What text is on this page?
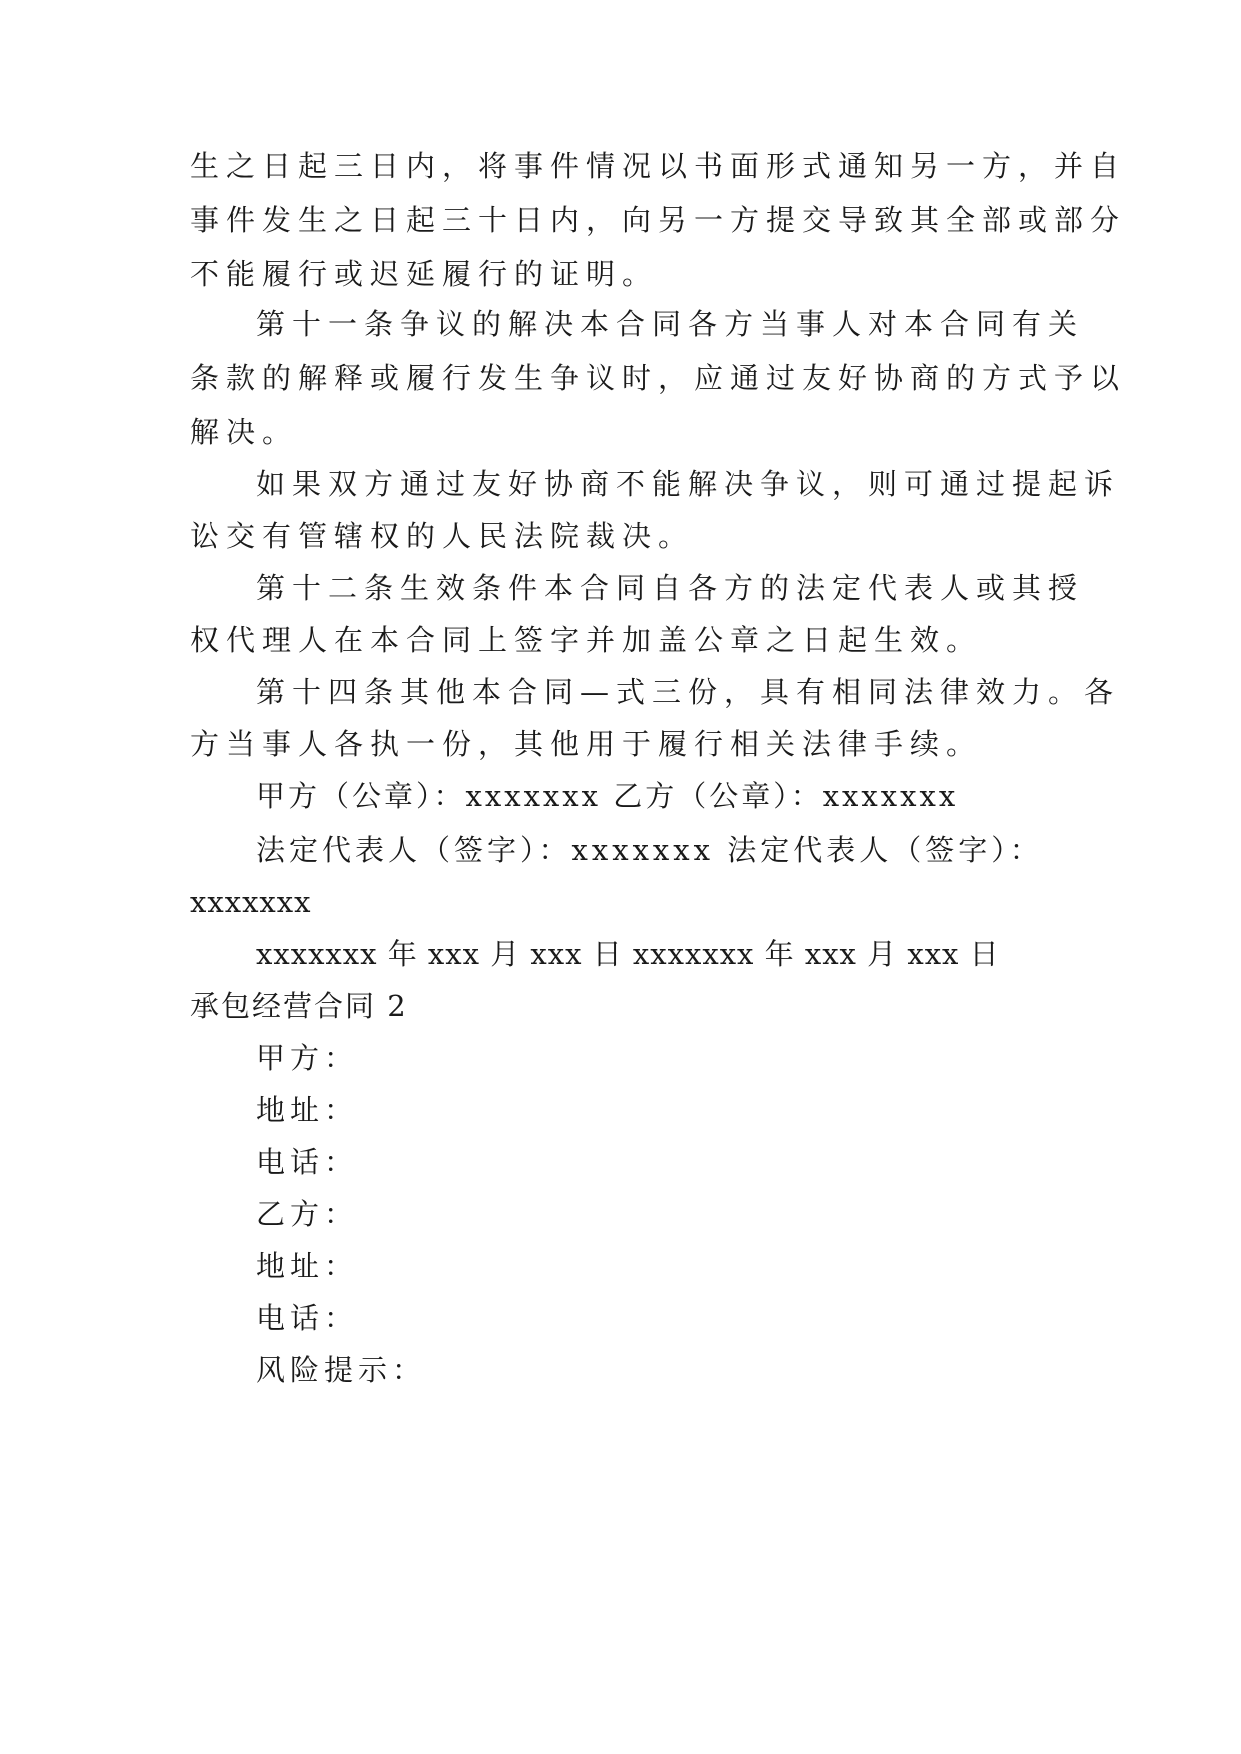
生之日起三日内，将事件情况以书面形式通知另一方，并自
事件发生之日起三十日内，向另一方提交导致其全部或部分
不能履行或迟延履行的证明。
第十一条争议的解决本合同各方当事人对本合同有关
条款的解释或履行发生争议时，应通过友好协商的方式予以
解决。
如果双方通过友好协商不能解决争议，则可通过提起诉
讼交有管辖权的人民法院裁决。
第十二条生效条件本合同自各方的法定代表人或其授
权代理人在本合同上签字并加盖公章之日起生效。
第十四条其他本合同—式三份，具有相同法律效力。各
方当事人各执一份，其他用于履行相关法律手续。
甲方（公章）：xxxxxxx 乙方（公章）：xxxxxxx
法定代表人（签字）：xxxxxxx 法定代表人（签字）：
xxxxxxx
xxxxxxx 年 xxx 月 xxx 日 xxxxxxx 年 xxx 月 xxx 日
承包经营合同 2
甲方：
地址：
电话：
乙方：
地址：
电话：
风险提示：
